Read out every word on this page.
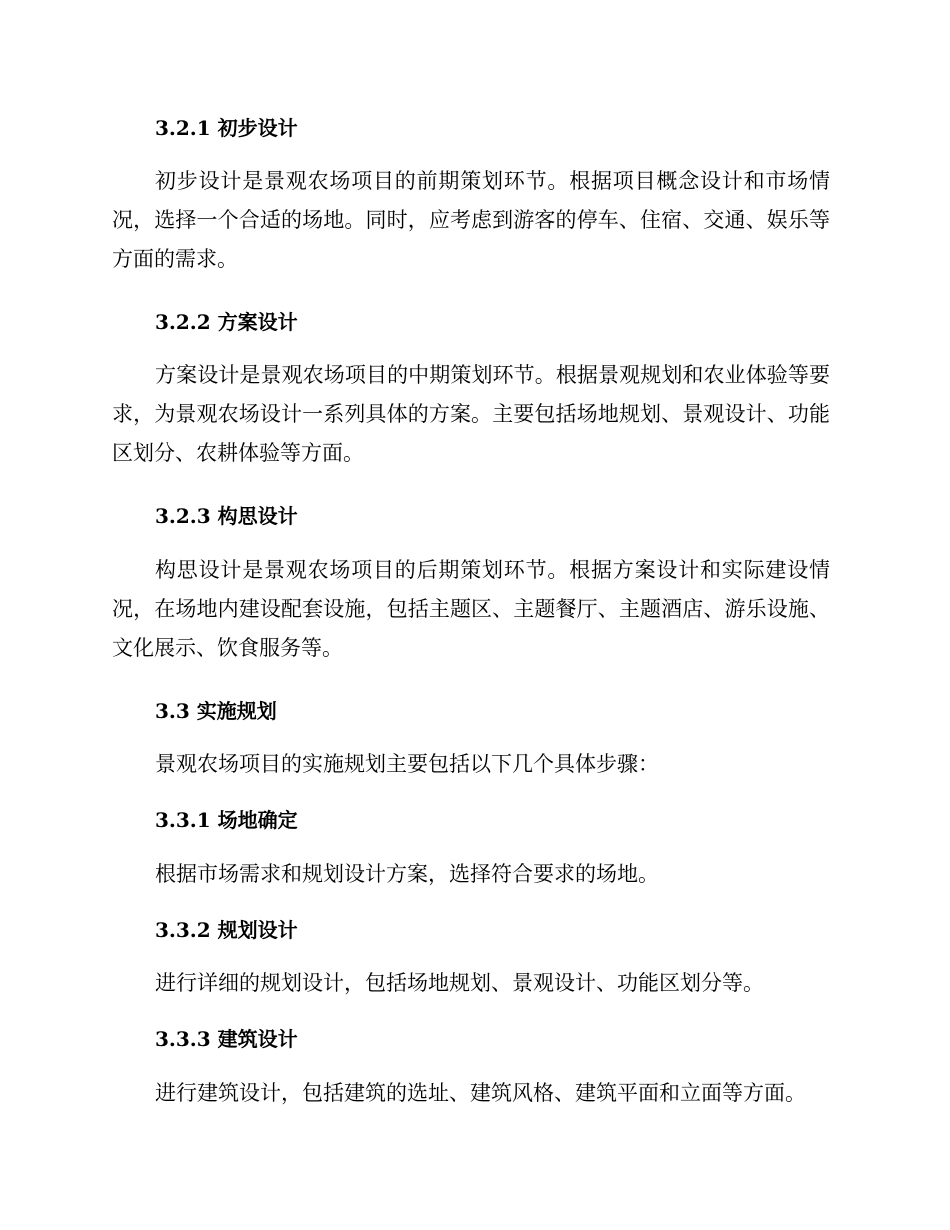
3.2.1 初步设计
初步设计是景观农场项目的前期策划环节。根据项目概念设计和市场情况，选择一个合适的场地。同时，应考虑到游客的停车、住宿、交通、娱乐等方面的需求。
3.2.2 方案设计
方案设计是景观农场项目的中期策划环节。根据景观规划和农业体验等要求，为景观农场设计一系列具体的方案。主要包括场地规划、景观设计、功能区划分、农耕体验等方面。
3.2.3 构思设计
构思设计是景观农场项目的后期策划环节。根据方案设计和实际建设情况，在场地内建设配套设施，包括主题区、主题餐厅、主题酒店、游乐设施、文化展示、饮食服务等。
3.3 实施规划
景观农场项目的实施规划主要包括以下几个具体步骤：
3.3.1 场地确定
根据市场需求和规划设计方案，选择符合要求的场地。
3.3.2 规划设计
进行详细的规划设计，包括场地规划、景观设计、功能区划分等。
3.3.3 建筑设计
进行建筑设计，包括建筑的选址、建筑风格、建筑平面和立面等方面。
